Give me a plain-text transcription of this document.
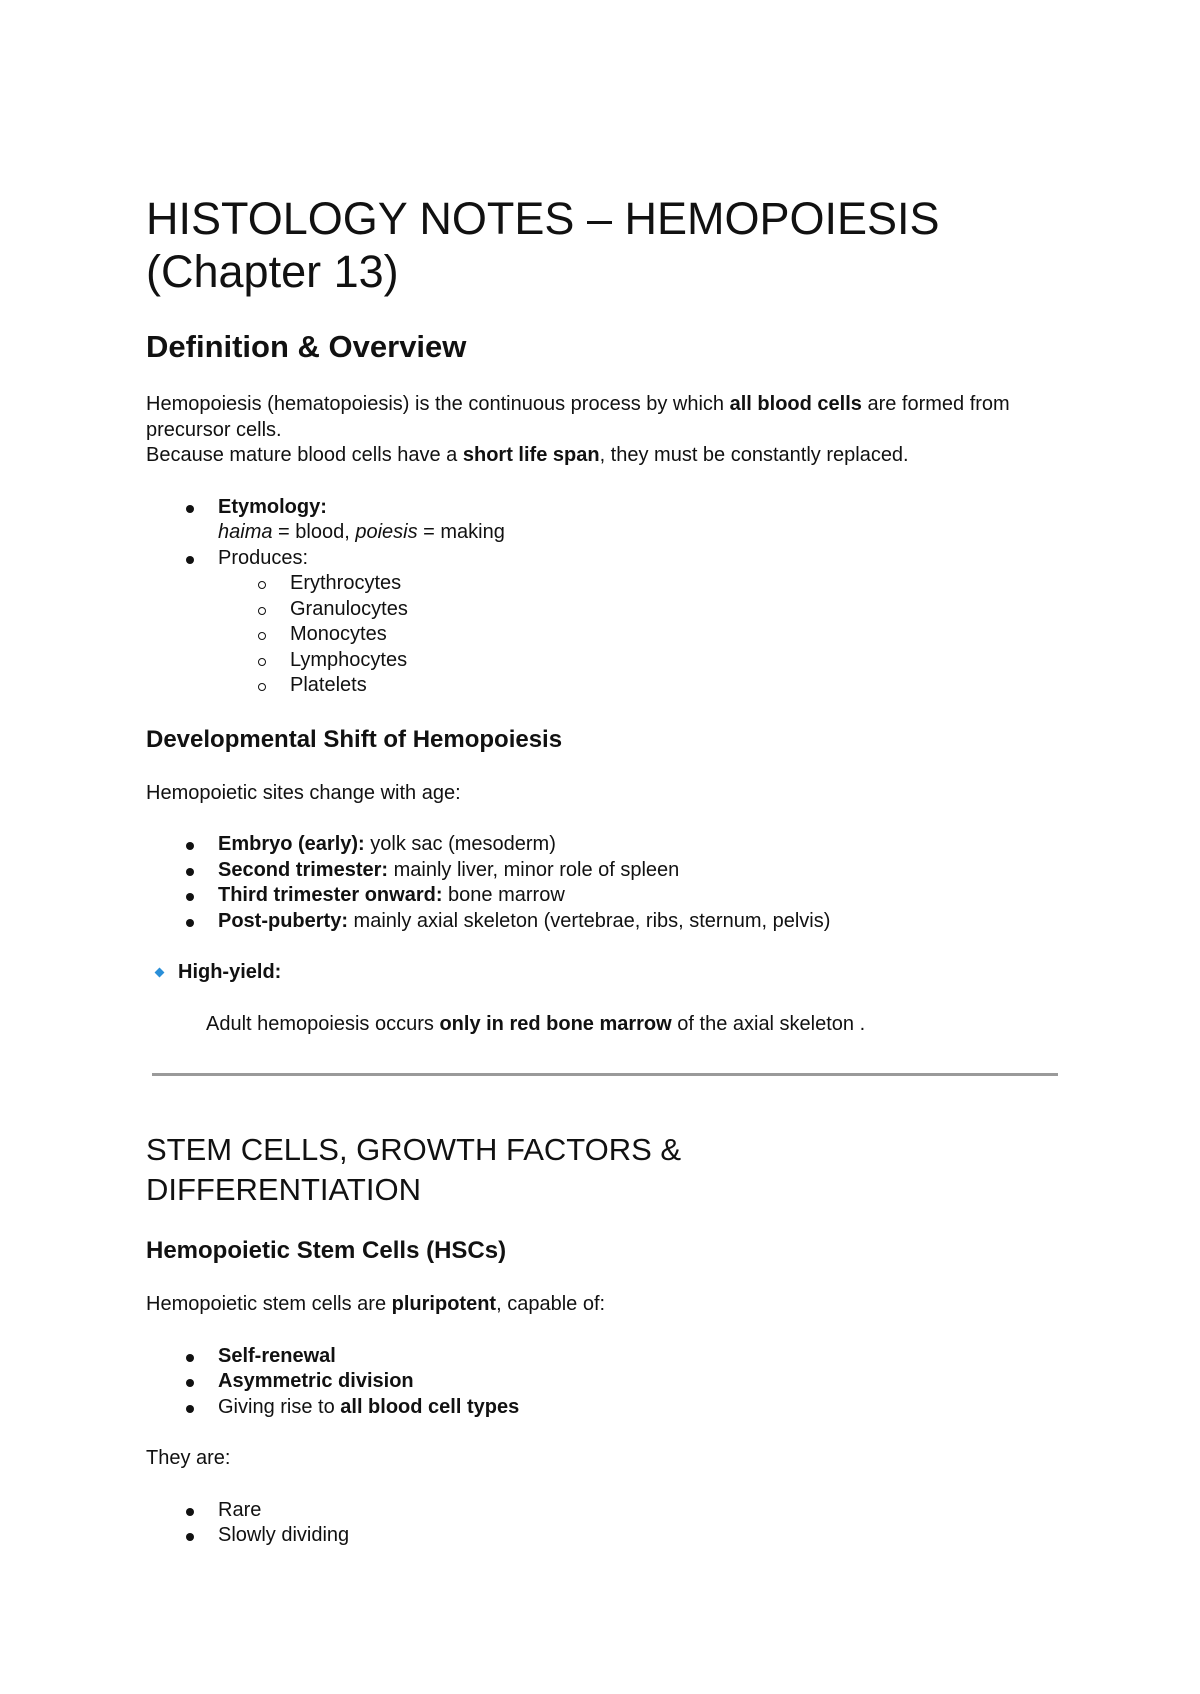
HISTOLOGY NOTES – HEMOPOIESIS
(Chapter 13)
Definition & Overview

Hemopoiesis (hematopoiesis) is the continuous process by which all blood cells are formed from precursor cells.

Because mature blood cells have a short life span, they must be constantly replaced.

Etymology:
haima = blood, poiesis = making
Produces:
Erythrocytes
Granulocytes
Monocytes
Lymphocytes
Platelets
Developmental Shift of Hemopoiesis

Hemopoietic sites change with age:

Embryo (early): yolk sac (mesoderm)
Second trimester: mainly liver, minor role of spleen
Third trimester onward: bone marrow
Post-puberty: mainly axial skeleton (vertebrae, ribs, sternum, pelvis)
High-yield:

Adult hemopoiesis occurs only in red bone marrow of the axial skeleton .

STEM CELLS, GROWTH FACTORS &
DIFFERENTIATION
Hemopoietic Stem Cells (HSCs)

Hemopoietic stem cells are pluripotent, capable of:

Self-renewal
Asymmetric division
Giving rise to all blood cell types

They are:

Rare
Slowly dividing
